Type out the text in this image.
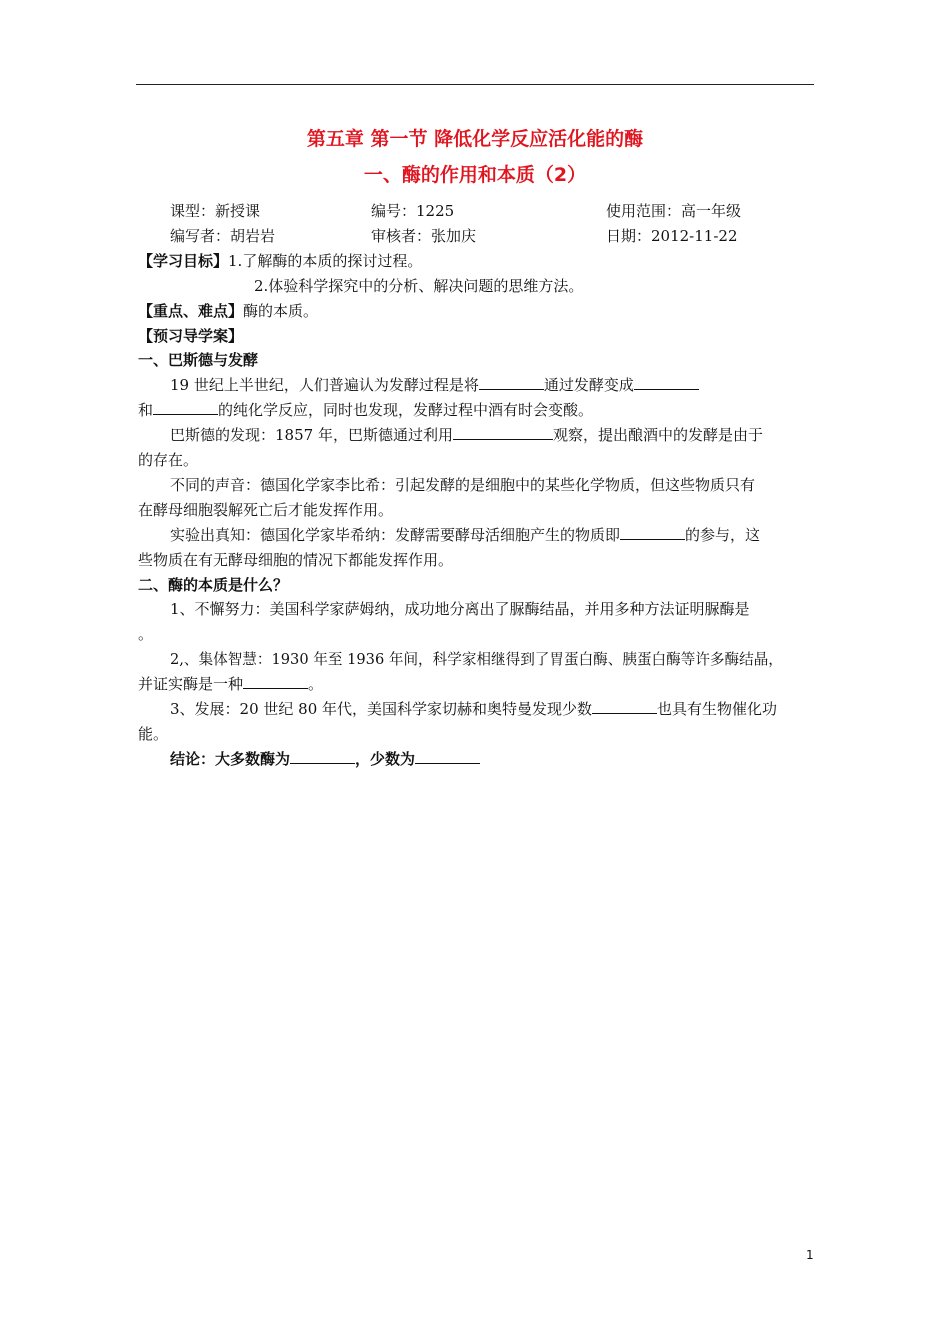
第五章 第一节 降低化学反应活化能的酶
一、酶的作用和本质（2）
课型：新授课	编号：1225	使用范围：高一年级
编写者：胡岩岩	审核者：张加庆	日期：2012-11-22
【学习目标】1.了解酶的本质的探讨过程。
2.体验科学探究中的分析、解决问题的思维方法。
【重点、难点】酶的本质。
【预习导学案】
一、巴斯德与发酵
19 世纪上半世纪，人们普遍认为发酵过程是将	通过发酵变成
和	的纯化学反应，同时也发现，发酵过程中酒有时会变酸。
巴斯德的发现：1857 年，巴斯德通过利用	观察，提出酿酒中的发酵是由于
的存在。
不同的声音：德国化学家李比希：引起发酵的是细胞中的某些化学物质，但这些物质只有
在酵母细胞裂解死亡后才能发挥作用。
实验出真知：德国化学家毕希纳：发酵需要酵母活细胞产生的物质即	的参与，这
些物质在有无酵母细胞的情况下都能发挥作用。
二、酶的本质是什么？
1、不懈努力：美国科学家萨姆纳，成功地分离出了脲酶结晶，并用多种方法证明脲酶是
。
2,、集体智慧：1930 年至 1936 年间，科学家相继得到了胃蛋白酶、胰蛋白酶等许多酶结晶，
并证实酶是一种	。
3、发展：20 世纪 80 年代，美国科学家切赫和奥特曼发现少数	也具有生物催化功
能。
结论：大多数酶为	，少数为
1
